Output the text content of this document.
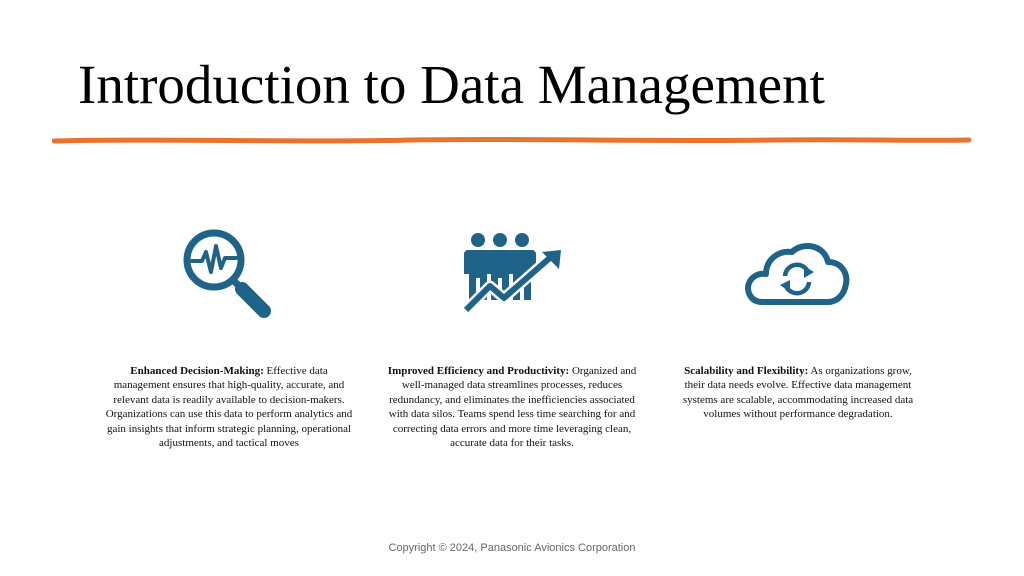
Introduction to Data Management
Enhanced Decision-Making: Effective data management ensures that high-quality, accurate, and relevant data is readily available to decision-makers. Organizations can use this data to perform analytics and gain insights that inform strategic planning, operational adjustments, and tactical moves
Improved Efficiency and Productivity: Organized and well-managed data streamlines processes, reduces redundancy, and eliminates the inefficiencies associated with data silos. Teams spend less time searching for and correcting data errors and more time leveraging clean, accurate data for their tasks.
Scalability and Flexibility: As organizations grow, their data needs evolve. Effective data management systems are scalable, accommodating increased data volumes without performance degradation.
Copyright © 2024, Panasonic Avionics Corporation
